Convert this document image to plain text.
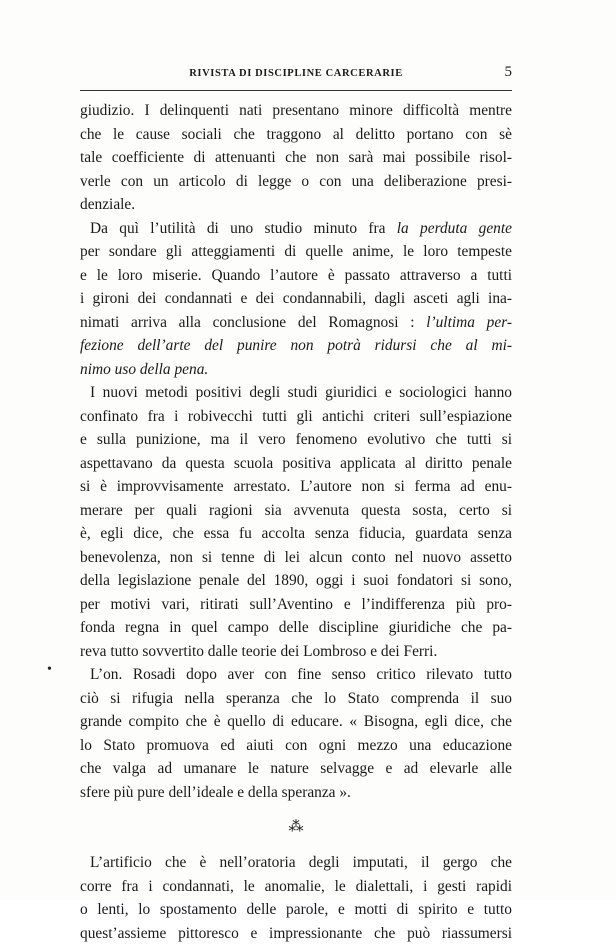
RIVISTA DI DISCIPLINE CARCERARIE	5
•
giudizio. I delinquenti nati presentano minore difficoltà mentre
che le cause sociali che traggono al delitto portano con sè
tale coefficiente di attenuanti che non sarà mai possibile risol-
verle con un articolo di legge o con una deliberazione presi-
denziale.
Da quì l’utilità di uno studio minuto fra la perduta gente
per sondare gli atteggiamenti di quelle anime, le loro tempeste
e le loro miserie. Quando l’autore è passato attraverso a tutti
i gironi dei condannati e dei condannabili, dagli asceti agli ina-
nimati arriva alla conclusione del Romagnosi : l’ultima per-
fezione dell’arte del punire non potrà ridursi che al mi-
nimo uso della pena.
I nuovi metodi positivi degli studi giuridici e sociologici hanno
confinato fra i robivecchi tutti gli antichi criteri sull’espiazione
e sulla punizione, ma il vero fenomeno evolutivo che tutti si
aspettavano da questa scuola positiva applicata al diritto penale
si è improvvisamente arrestato. L’autore non si ferma ad enu-
merare per quali ragioni sia avvenuta questa sosta, certo si
è, egli dice, che essa fu accolta senza fiducia, guardata senza
benevolenza, non si tenne di lei alcun conto nel nuovo assetto
della legislazione penale del 1890, oggi i suoi fondatori si sono,
per motivi vari, ritirati sull’Aventino e l’indifferenza più pro-
fonda regna in quel campo delle discipline giuridiche che pa-
reva tutto sovvertito dalle teorie dei Lombroso e dei Ferri.
L’on. Rosadi dopo aver con fine senso critico rilevato tutto
ciò si rifugia nella speranza che lo Stato comprenda il suo
grande compito che è quello di educare. « Bisogna, egli dice, che
lo Stato promuova ed aiuti con ogni mezzo una educazione
che valga ad umanare le nature selvagge e ad elevarle alle
sfere più pure dell’ideale e della speranza ».
⁂
L’artificio che è nell’oratoria degli imputati, il gergo che
corre fra i condannati, le anomalie, le dialettali, i gesti rapidi
o lenti, lo spostamento delle parole, e motti di spirito e tutto
quest’assieme pittoresco e impressionante che può riassumersi
